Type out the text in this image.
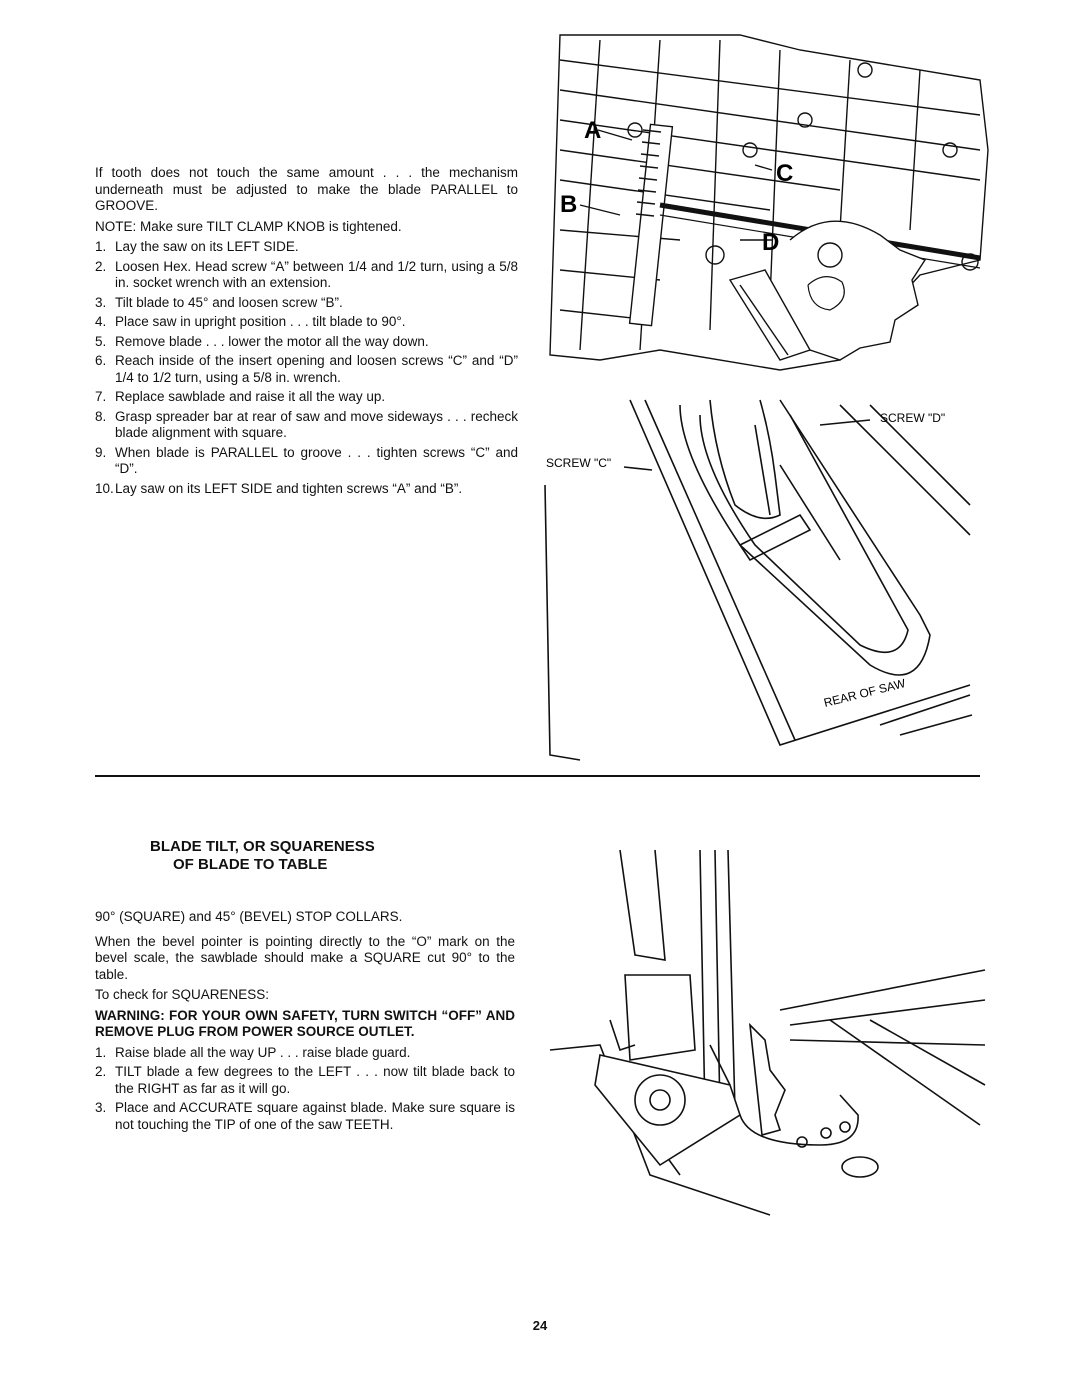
If tooth does not touch the same amount . . . the mechanism underneath must be adjusted to make the blade PARALLEL to GROOVE.

NOTE: Make sure TILT CLAMP KNOB is tightened.

1. Lay the saw on its LEFT SIDE.
2. Loosen Hex. Head screw “A” between 1/4 and 1/2 turn, using a 5/8 in. socket wrench with an extension.
3. Tilt blade to 45° and loosen screw “B”.
4. Place saw in upright position . . . tilt blade to 90°.
5. Remove blade . . . lower the motor all the way down.
6. Reach inside of the insert opening and loosen screws “C” and “D” 1/4 to 1/2 turn, using a 5/8 in. wrench.
7. Replace sawblade and raise it all the way up.
8. Grasp spreader bar at rear of saw and move sideways . . . recheck blade alignment with square.
9. When blade is PARALLEL to groove . . . tighten screws “C” and “D”.
10. Lay saw on its LEFT SIDE and tighten screws “A” and “B”.
A
C
B
D
SCREW "D"
SCREW "C"
REAR OF SAW
BLADE TILT, OR SQUARENESS
OF BLADE TO TABLE

90° (SQUARE) and 45° (BEVEL) STOP COLLARS.

When the bevel pointer is pointing directly to the “O” mark on the bevel scale, the sawblade should make a SQUARE cut 90° to the table.

To check for SQUARENESS:

WARNING: FOR YOUR OWN SAFETY, TURN SWITCH “OFF” AND REMOVE PLUG FROM POWER SOURCE OUTLET.

1. Raise blade all the way UP . . . raise blade guard.
2. TILT blade a few degrees to the LEFT . . . now tilt blade back to the RIGHT as far as it will go.
3. Place and ACCURATE square against blade. Make sure square is not touching the TIP of one of the saw TEETH.
24
